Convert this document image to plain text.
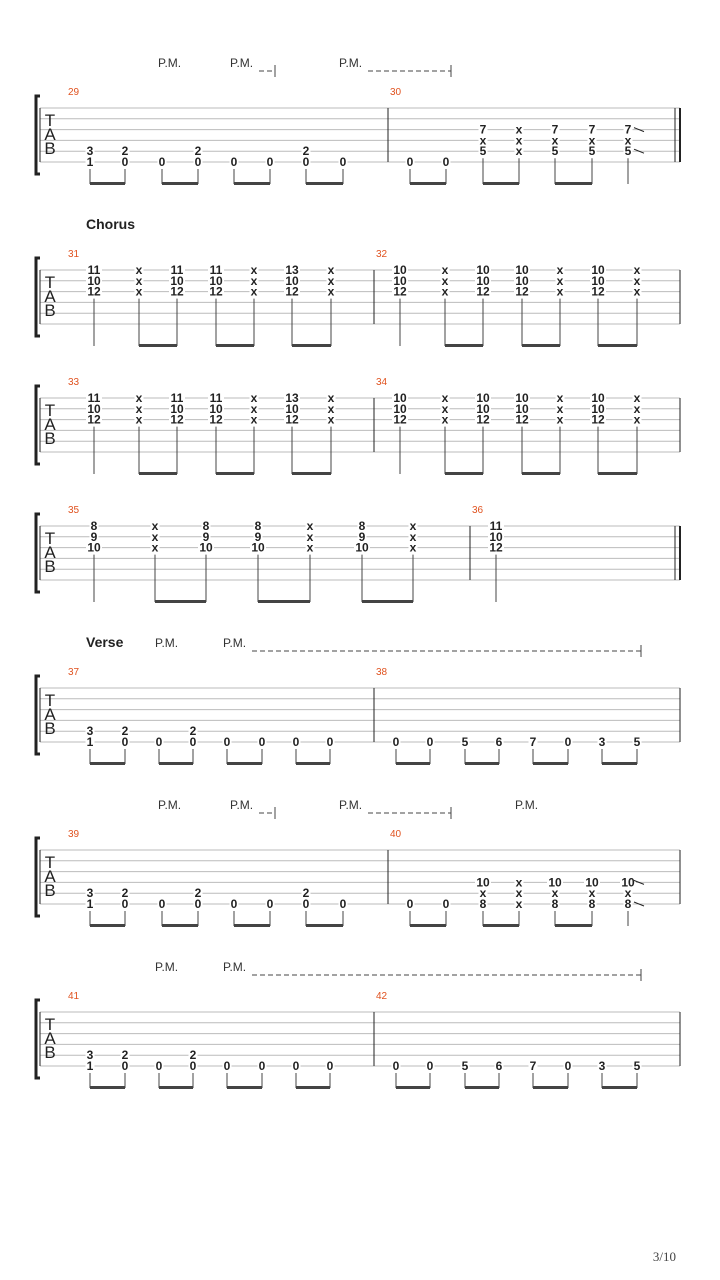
P.M.	P.M.	P.M.
T
A
B
29
3
1
2
0	0
2
0 0 0
2
0	0
30
0 0
7
x
5
x
x
x
7
x
5
7
x
5
7
x
5
Chorus
T
A
B
31
11
10
12
x
x
x
11
10
12
11
10
12
x
x
x
13
10
12
x
x
x
32
10
10
12
x
x
x
10
10
12
10
10
12
x
x
x
10
10
12
x
x
x
T
A
B
33
11
10
12
x
x
x
11
10
12
11
10
12
x
x
x
13
10
12
x
x
x
34
10
10
12
x
x
x
10
10
12
10
10
12
x
x
x
10
10
12
x
x
x
T
A
B
35
8
9
10
x
x
x
8
9
10
8
9
10
x
x
x
8
9
10
x
x
x
36
11
10
12
Verse	P.M.	P.M.
T
A
B
37
3
1
2
0 0
2
0 0 0 0 0
38
0 0 5 6 7 0 3 5
P.M.	P.M.	P.M.	P.M.
T
A
B
39
3
1
2
0	0
2
0 0 0
2
0	0
40
0 0
10
x
8
x
x
x
10
x
8
10
x
8
10
x
8
P.M.	P.M.
T
A
B
41
3
1
2
0 0
2
0 0 0 0 0
42
0 0 5 6 7 0 3 5
3/10
